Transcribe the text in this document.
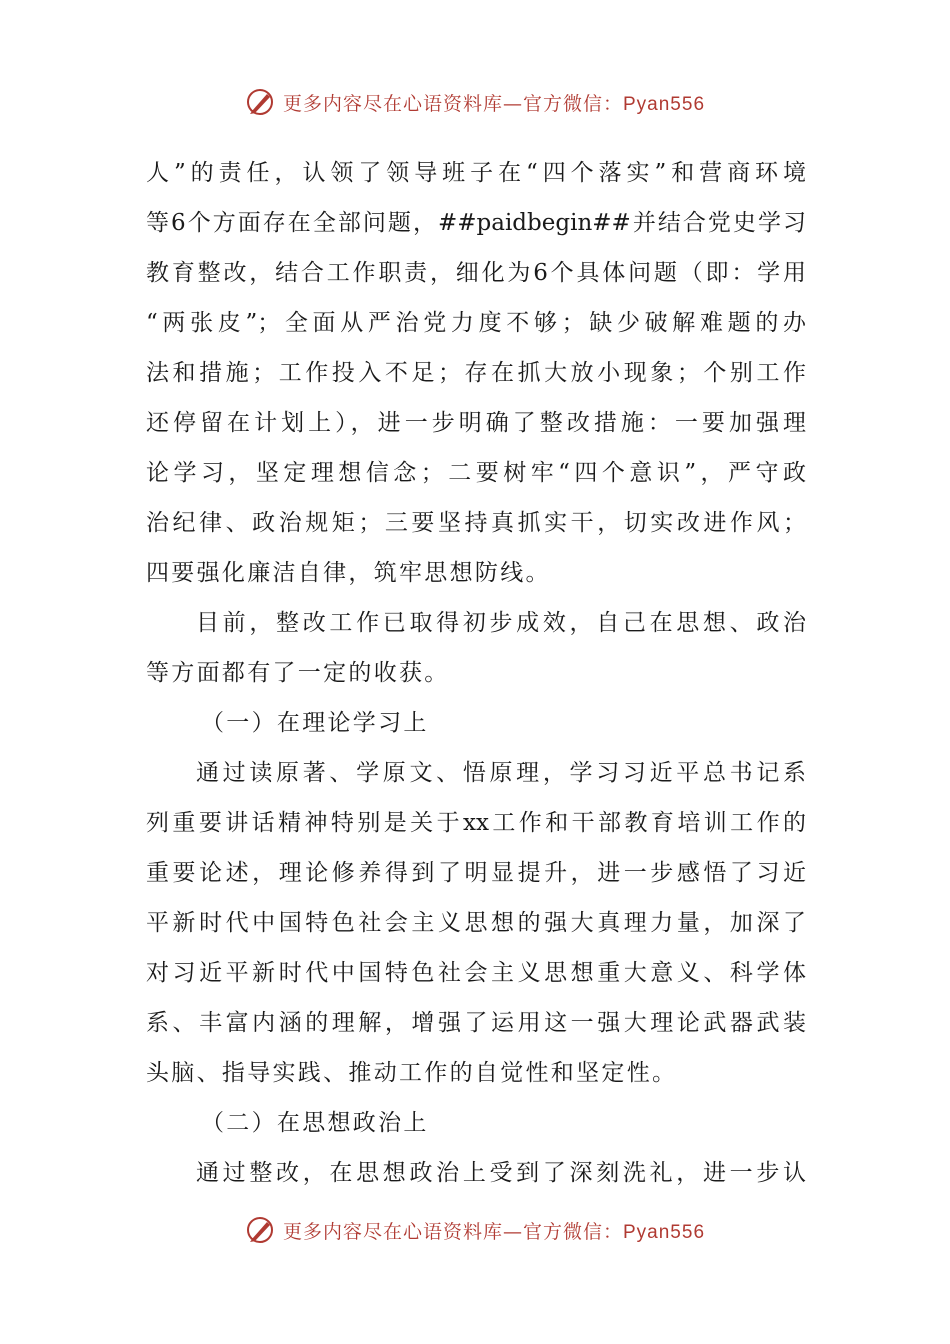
更多内容尽在心语资料库—官方微信：Pyan556
人”的责任，认领了领导班子在“四个落实”和营商环境
等6个方面存在全部问题，##paidbegin##并结合党史学习
教育整改，结合工作职责，细化为6个具体问题（即：学用
“两张皮”；全面从严治党力度不够；缺少破解难题的办
法和措施；工作投入不足；存在抓大放小现象；个别工作
还停留在计划上），进一步明确了整改措施：一要加强理
论学习，坚定理想信念；二要树牢“四个意识”，严守政
治纪律、政治规矩；三要坚持真抓实干，切实改进作风；
四要强化廉洁自律，筑牢思想防线。
目前，整改工作已取得初步成效，自己在思想、政治
等方面都有了一定的收获。
（一）在理论学习上
通过读原著、学原文、悟原理，学习习近平总书记系
列重要讲话精神特别是关于xx工作和干部教育培训工作的
重要论述，理论修养得到了明显提升，进一步感悟了习近
平新时代中国特色社会主义思想的强大真理力量，加深了
对习近平新时代中国特色社会主义思想重大意义、科学体
系、丰富内涵的理解，增强了运用这一强大理论武器武装
头脑、指导实践、推动工作的自觉性和坚定性。
（二）在思想政治上
通过整改，在思想政治上受到了深刻洗礼，进一步认
更多内容尽在心语资料库—官方微信：Pyan556
